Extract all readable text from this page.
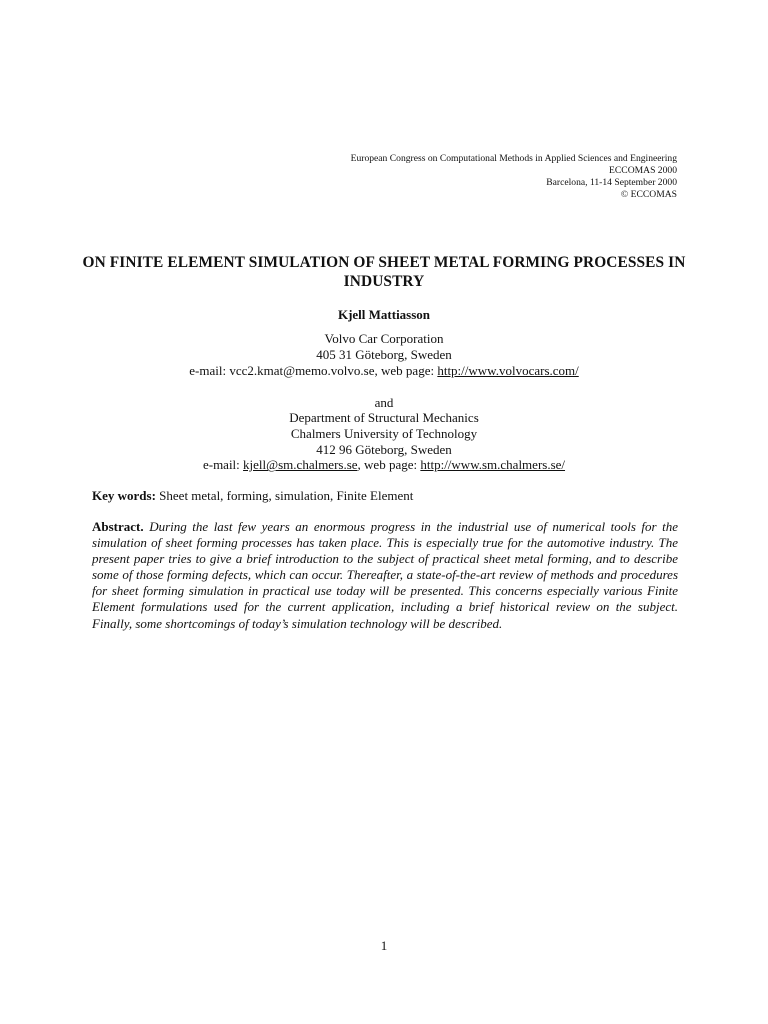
European Congress on Computational Methods in Applied Sciences and Engineering
ECCOMAS 2000
Barcelona, 11-14 September 2000
© ECCOMAS
ON FINITE ELEMENT SIMULATION OF SHEET METAL FORMING PROCESSES IN INDUSTRY
Kjell Mattiasson
Volvo Car Corporation
405 31 Göteborg, Sweden
e-mail: vcc2.kmat@memo.volvo.se, web page: http://www.volvocars.com/
and
Department of Structural Mechanics
Chalmers University of Technology
412 96 Göteborg, Sweden
e-mail: kjell@sm.chalmers.se, web page: http://www.sm.chalmers.se/
Key words: Sheet metal, forming, simulation, Finite Element
Abstract. During the last few years an enormous progress in the industrial use of numerical tools for the simulation of sheet forming processes has taken place. This is especially true for the automotive industry. The present paper tries to give a brief introduction to the subject of practical sheet metal forming, and to describe some of those forming defects, which can occur. Thereafter, a state-of-the-art review of methods and procedures for sheet forming simulation in practical use today will be presented. This concerns especially various Finite Element formulations used for the current application, including a brief historical review on the subject. Finally, some shortcomings of today’s simulation technology will be described.
1
